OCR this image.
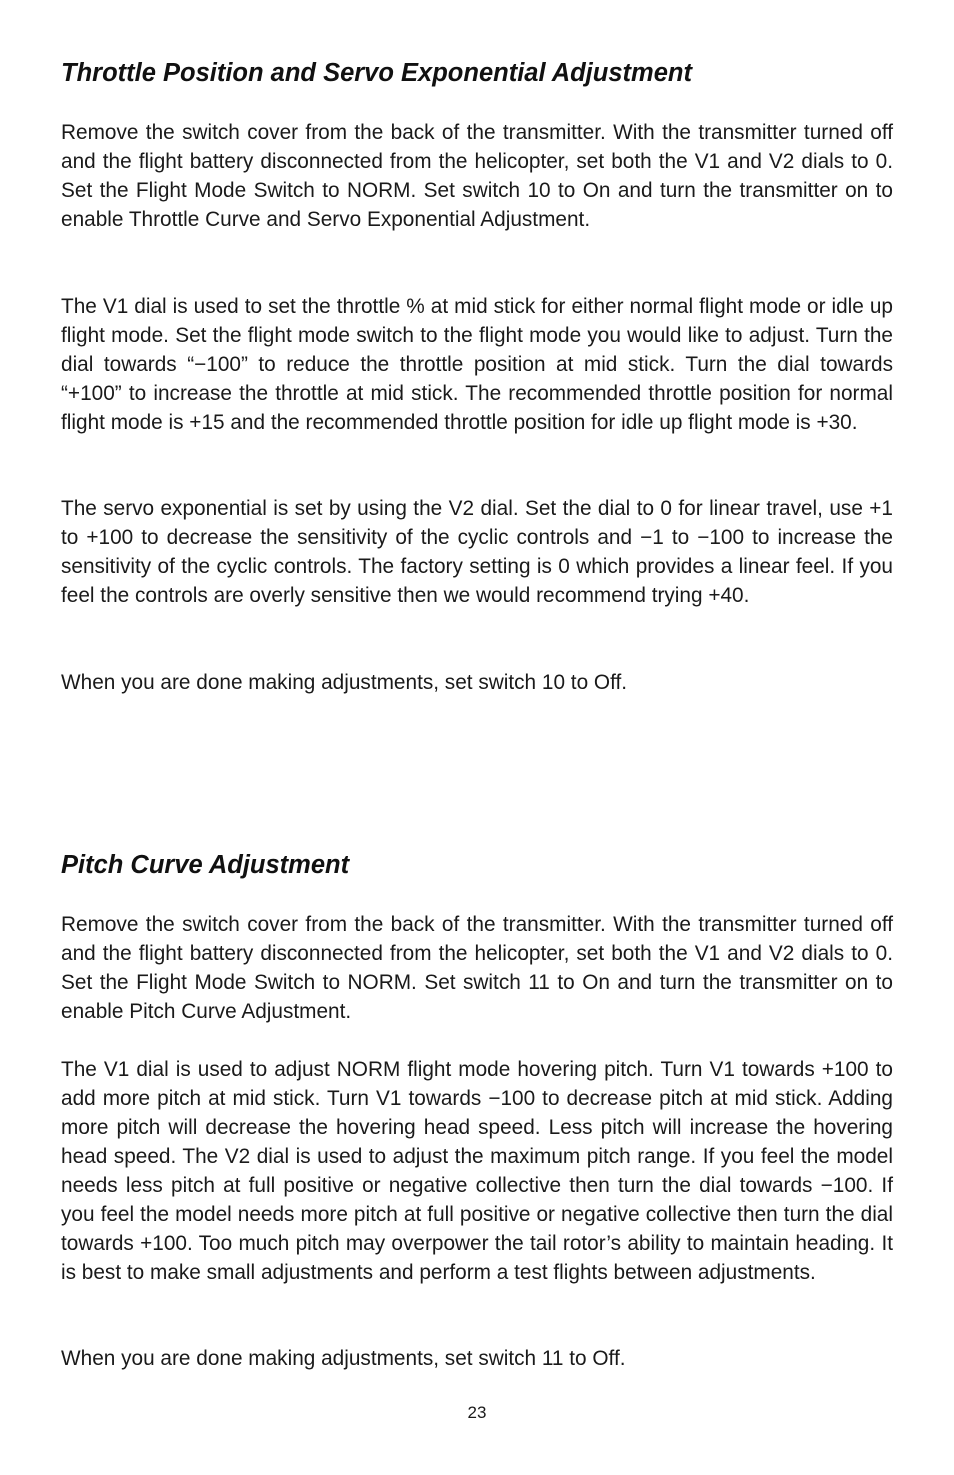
Throttle Position and Servo Exponential Adjustment

Remove the switch cover from the back of the transmitter. With the transmitter turned off and the flight battery disconnected from the helicopter, set both the V1 and V2 dials to 0. Set the Flight Mode Switch to NORM. Set switch 10 to On and turn the transmitter on to enable Throttle Curve and Servo Exponential Adjustment.

The V1 dial is used to set the throttle % at mid stick for either normal flight mode or idle up flight mode. Set the flight mode switch to the flight mode you would like to adjust. Turn the dial towards “−100” to reduce the throttle position at mid stick. Turn the dial towards “+100” to increase the throttle at mid stick. The recommended throttle position for normal flight mode is +15 and the recommended throttle position for idle up flight mode is +30.

The servo exponential is set by using the V2 dial. Set the dial to 0 for linear travel, use +1 to +100 to decrease the sensitivity of the cyclic controls and −1 to −100 to increase the sensitivity of the cyclic controls. The factory setting is 0 which provides a linear feel. If you feel the controls are overly sensitive then we would recommend trying +40.

When you are done making adjustments, set switch 10 to Off.

Pitch Curve Adjustment

Remove the switch cover from the back of the transmitter. With the transmitter turned off and the flight battery disconnected from the helicopter, set both the V1 and V2 dials to 0. Set the Flight Mode Switch to NORM. Set switch 11 to On and turn the transmitter on to enable Pitch Curve Adjustment.

The V1 dial is used to adjust NORM flight mode hovering pitch. Turn V1 towards +100 to add more pitch at mid stick. Turn V1 towards −100 to decrease pitch at mid stick. Adding more pitch will decrease the hovering head speed. Less pitch will increase the hovering head speed. The V2 dial is used to adjust the maximum pitch range. If you feel the model needs less pitch at full positive or negative collective then turn the dial towards −100. If you feel the model needs more pitch at full positive or negative collective then turn the dial towards +100. Too much pitch may overpower the tail rotor’s ability to maintain heading. It is best to make small adjustments and perform a test flights between adjustments.

When you are done making adjustments, set switch 11 to Off.

23
